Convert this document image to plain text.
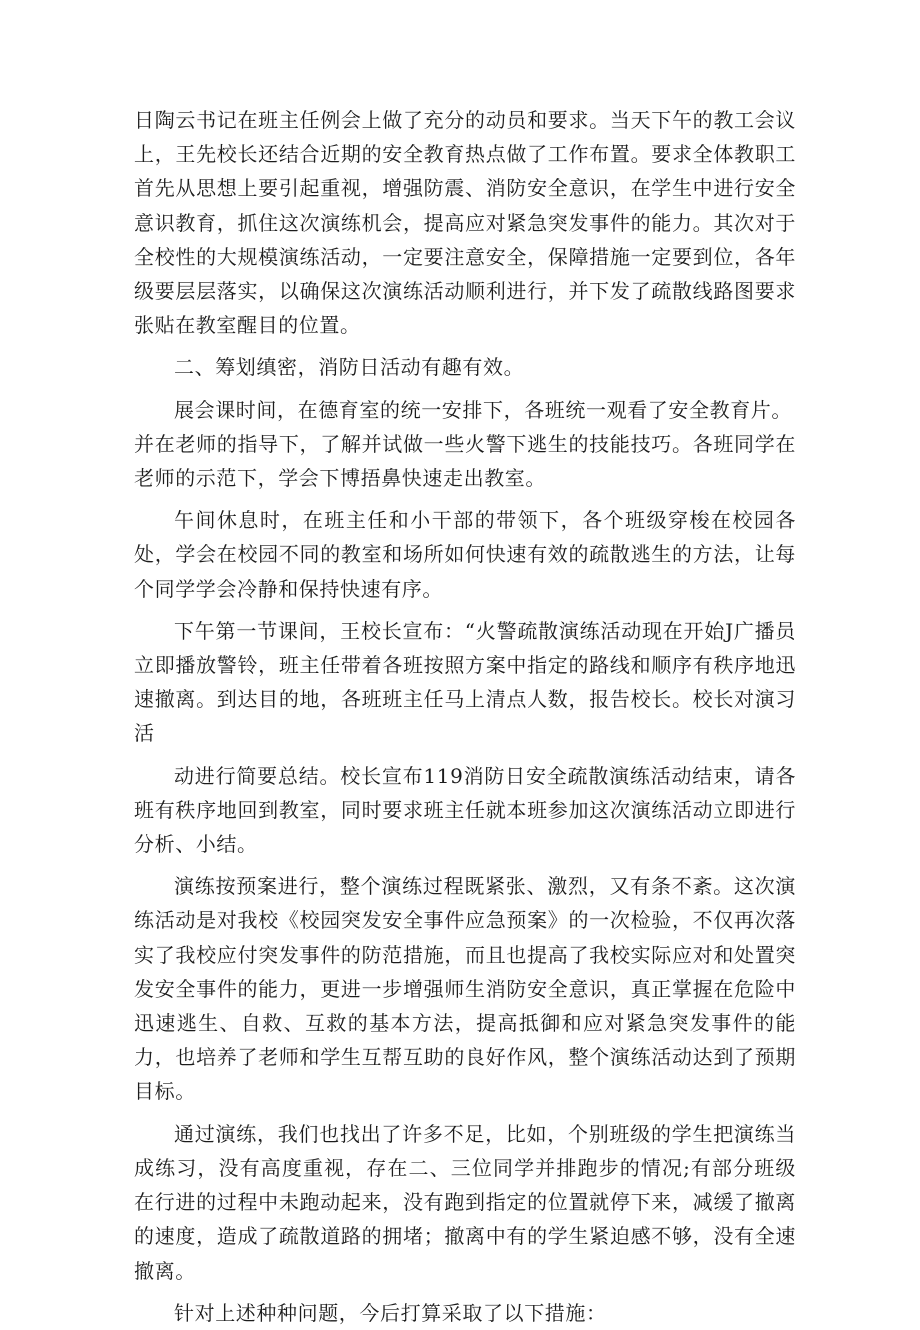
日陶云书记在班主任例会上做了充分的动员和要求。当天下午的教工会议上，王先校长还结合近期的安全教育热点做了工作布置。要求全体教职工首先从思想上要引起重视，增强防震、消防安全意识，在学生中进行安全意识教育，抓住这次演练机会，提高应对紧急突发事件的能力。其次对于全校性的大规模演练活动，一定要注意安全，保障措施一定要到位，各年级要层层落实，以确保这次演练活动顺利进行，并下发了疏散线路图要求张贴在教室醒目的位置。

二、筹划缜密，消防日活动有趣有效。

展会课时间，在德育室的统一安排下，各班统一观看了安全教育片。

并在老师的指导下，了解并试做一些火警下逃生的技能技巧。各班同学在老师的示范下，学会下博捂鼻快速走出教室。

午间休息时，在班主任和小干部的带领下，各个班级穿梭在校园各处，学会在校园不同的教室和场所如何快速有效的疏散逃生的方法，让每个同学学会冷静和保持快速有序。

下午第一节课间，王校长宣布：“火警疏散演练活动现在开始J广播员立即播放警铃，班主任带着各班按照方案中指定的路线和顺序有秩序地迅速撤离。到达目的地，各班班主任马上清点人数，报告校长。校长对演习活

动进行简要总结。校长宣布119消防日安全疏散演练活动结束，请各班有秩序地回到教室，同时要求班主任就本班参加这次演练活动立即进行分析、小结。

演练按预案进行，整个演练过程既紧张、激烈，又有条不紊。这次演练活动是对我校《校园突发安全事件应急预案》的一次检验，不仅再次落实了我校应付突发事件的防范措施，而且也提高了我校实际应对和处置突发安全事件的能力，更进一步增强师生消防安全意识，真正掌握在危险中迅速逃生、自救、互救的基本方法，提高抵御和应对紧急突发事件的能力，也培养了老师和学生互帮互助的良好作风，整个演练活动达到了预期目标。

通过演练，我们也找出了许多不足，比如，个别班级的学生把演练当成练习，没有高度重视，存在二、三位同学并排跑步的情况;有部分班级在行进的过程中未跑动起来，没有跑到指定的位置就停下来，减缓了撤离的速度，造成了疏散道路的拥堵；撤离中有的学生紧迫感不够，没有全速撤离。

针对上述种种问题，今后打算采取了以下措施：
